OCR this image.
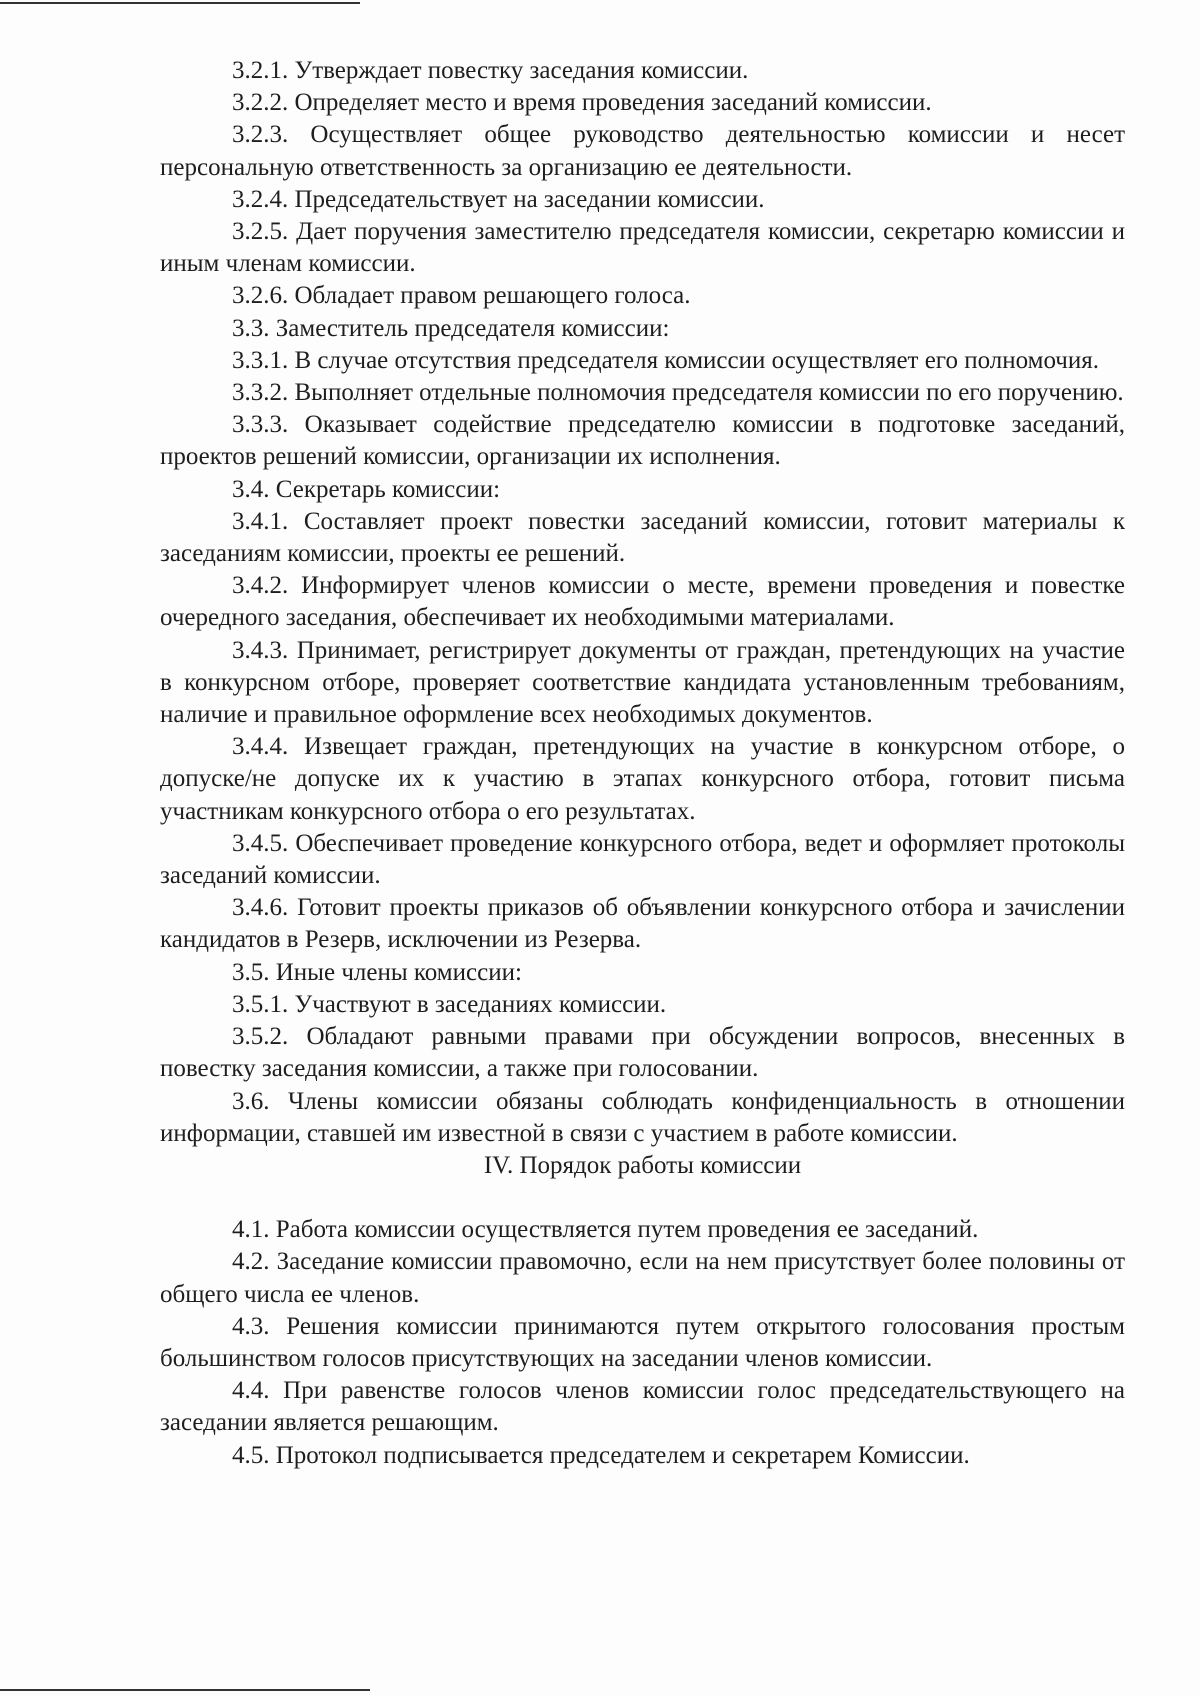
3.2.1. Утверждает повестку заседания комиссии.

3.2.2. Определяет место и время проведения заседаний комиссии.

3.2.3. Осуществляет общее руководство деятельностью комиссии и несет персональную ответственность за организацию ее деятельности.

3.2.4. Председательствует на заседании комиссии.

3.2.5. Дает поручения заместителю председателя комиссии, секретарю комиссии и иным членам комиссии.

3.2.6. Обладает правом решающего голоса.

3.3. Заместитель председателя комиссии:

3.3.1. В случае отсутствия председателя комиссии осуществляет его полномочия.

3.3.2. Выполняет отдельные полномочия председателя комиссии по его поручению.

3.3.3. Оказывает содействие председателю комиссии в подготовке заседаний, проектов решений комиссии, организации их исполнения.

3.4. Секретарь комиссии:

3.4.1. Составляет проект повестки заседаний комиссии, готовит материалы к заседаниям комиссии, проекты ее решений.

3.4.2. Информирует членов комиссии о месте, времени проведения и повестке очередного заседания, обеспечивает их необходимыми материалами.

3.4.3. Принимает, регистрирует документы от граждан, претендующих на участие в конкурсном отборе, проверяет соответствие кандидата установленным требованиям, наличие и правильное оформление всех необходимых документов.

3.4.4. Извещает граждан, претендующих на участие в конкурсном отборе, о допуске/не допуске их к участию в этапах конкурсного отбора, готовит письма участникам конкурсного отбора о его результатах.

3.4.5. Обеспечивает проведение конкурсного отбора, ведет и оформляет протоколы заседаний комиссии.

3.4.6. Готовит проекты приказов об объявлении конкурсного отбора и зачислении кандидатов в Резерв, исключении из Резерва.

3.5. Иные члены комиссии:

3.5.1. Участвуют в заседаниях комиссии.

3.5.2. Обладают равными правами при обсуждении вопросов, внесенных в повестку заседания комиссии, а также при голосовании.

3.6. Члены комиссии обязаны соблюдать конфиденциальность в отношении информации, ставшей им известной в связи с участием в работе комиссии.

IV. Порядок работы комиссии

4.1. Работа комиссии осуществляется путем проведения ее заседаний.

4.2. Заседание комиссии правомочно, если на нем присутствует более половины от общего числа ее членов.

4.3. Решения комиссии принимаются путем открытого голосования простым большинством голосов присутствующих на заседании членов комиссии.

4.4. При равенстве голосов членов комиссии голос председательствующего на заседании является решающим.

4.5. Протокол подписывается председателем и секретарем Комиссии.
